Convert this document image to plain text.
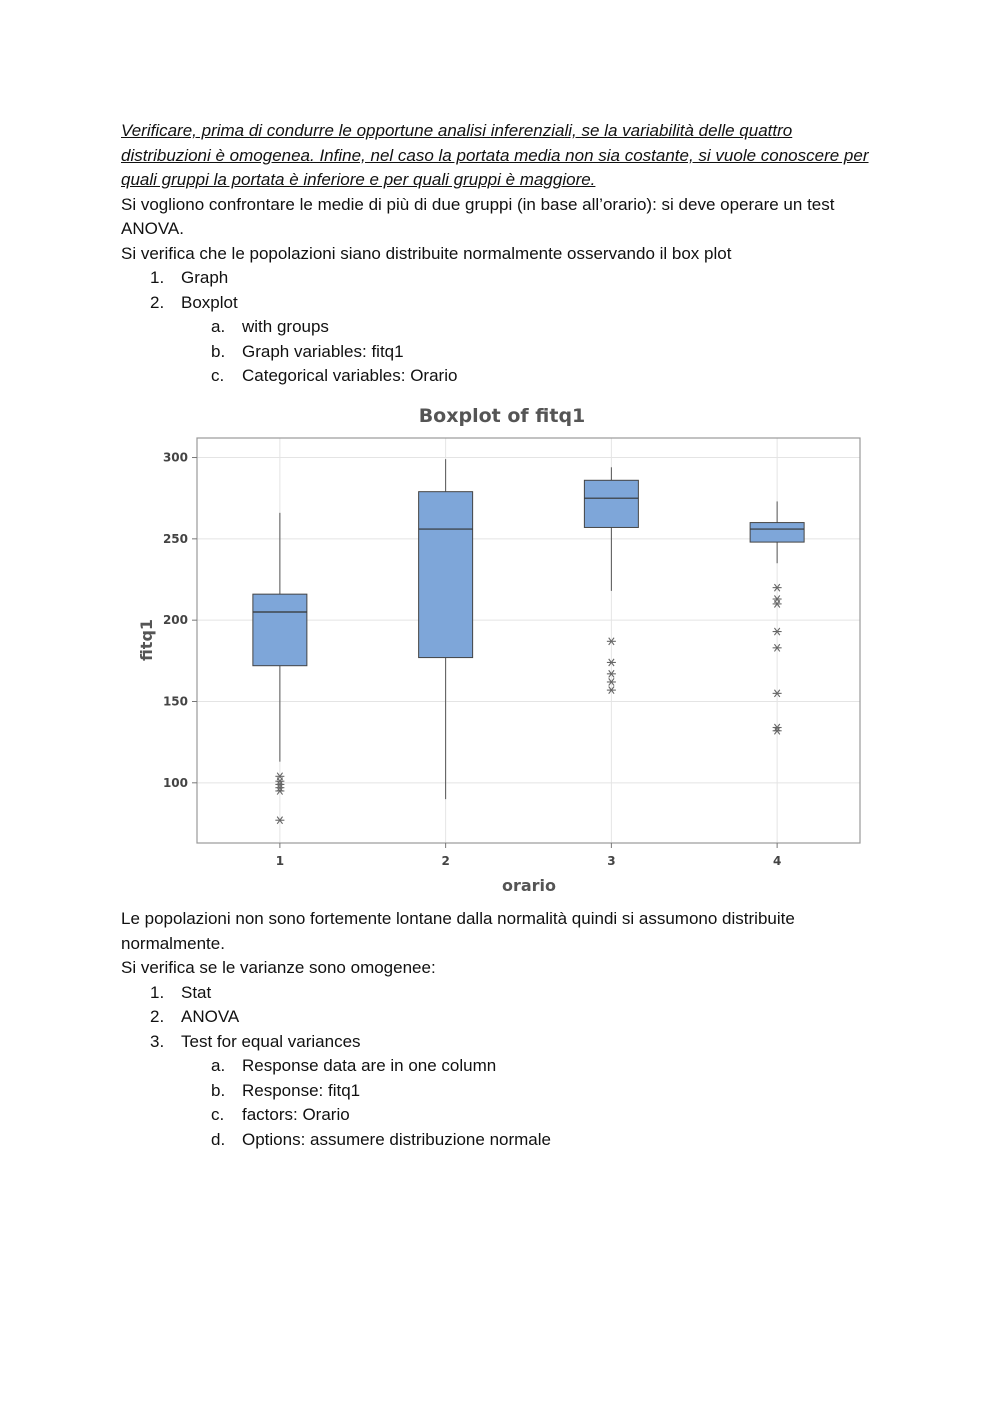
Verificare, prima di condurre le opportune analisi inferenziali, se la variabilità delle quattro distribuzioni è omogenea. Infine, nel caso la portata media non sia costante, si vuole conoscere per quali gruppi la portata è inferiore e per quali gruppi è maggiore.

Si vogliono confrontare le medie di più di due gruppi (in base all’orario): si deve operare un test ANOVA.

Si verifica che le popolazioni siano distribuite normalmente osservando il box plot

1. Graph
2. Boxplot
a. with groups
b. Graph variables: fitq1
c. Categorical variables: Orario
Boxplot of fitq1
orario
fitq1
100
150
200
250
300
1	2	3	4

Le popolazioni non sono fortemente lontane dalla normalità quindi si assumono distribuite normalmente.

Si verifica se le varianze sono omogenee:

1. Stat
2. ANOVA
3. Test for equal variances
a. Response data are in one column
b. Response: fitq1
c. factors: Orario
d. Options: assumere distribuzione normale
